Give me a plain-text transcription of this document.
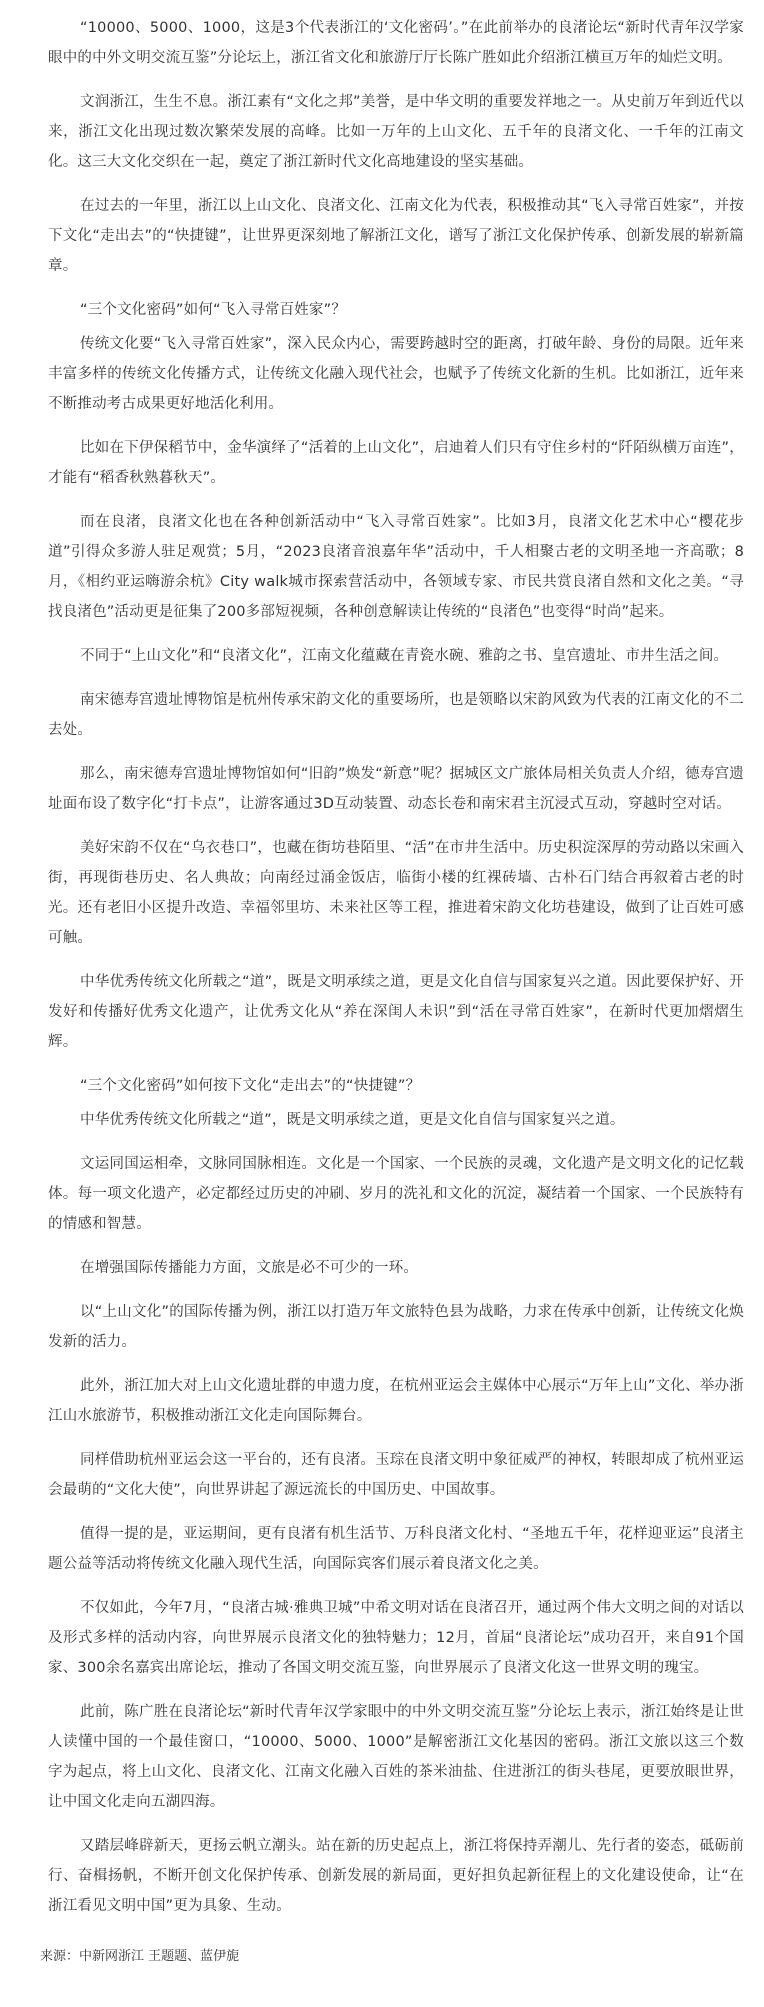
“10000、5000、1000，这是3个代表浙江的‘文化密码’。”在此前举办的良渚论坛“新时代青年汉学家眼中的中外文明交流互鉴”分论坛上，浙江省文化和旅游厅厅长陈广胜如此介绍浙江横亘万年的灿烂文明。

文润浙江，生生不息。浙江素有“文化之邦”美誉，是中华文明的重要发祥地之一。从史前万年到近代以来，浙江文化出现过数次繁荣发展的高峰。比如一万年的上山文化、五千年的良渚文化、一千年的江南文化。这三大文化交织在一起，奠定了浙江新时代文化高地建设的坚实基础。

在过去的一年里，浙江以上山文化、良渚文化、江南文化为代表，积极推动其“飞入寻常百姓家”，并按下文化“走出去”的“快捷键”，让世界更深刻地了解浙江文化，谱写了浙江文化保护传承、创新发展的崭新篇章。

“三个文化密码”如何“飞入寻常百姓家”？

传统文化要“飞入寻常百姓家”，深入民众内心，需要跨越时空的距离，打破年龄、身份的局限。近年来丰富多样的传统文化传播方式，让传统文化融入现代社会，也赋予了传统文化新的生机。比如浙江，近年来不断推动考古成果更好地活化利用。

比如在下伊保稻节中，金华演绎了“活着的上山文化”，启迪着人们只有守住乡村的“阡陌纵横万亩连”，才能有“稻香秋熟暮秋天”。

而在良渚，良渚文化也在各种创新活动中“飞入寻常百姓家”。比如3月，良渚文化艺术中心“樱花步道”引得众多游人驻足观赏；5月，“2023良渚音浪嘉年华”活动中，千人相聚古老的文明圣地一齐高歌；8月，《相约亚运嗨游余杭》City walk城市探索营活动中，各领域专家、市民共赏良渚自然和文化之美。“寻找良渚色”活动更是征集了200多部短视频，各种创意解读让传统的“良渚色”也变得“时尚”起来。

不同于“上山文化”和“良渚文化”，江南文化蕴藏在青瓷水碗、雅韵之书、皇宫遗址、市井生活之间。

南宋德寿宫遗址博物馆是杭州传承宋韵文化的重要场所，也是领略以宋韵风致为代表的江南文化的不二去处。

那么，南宋德寿宫遗址博物馆如何“旧韵”焕发“新意”呢？据城区文广旅体局相关负责人介绍，德寿宫遗址面布设了数字化“打卡点”，让游客通过3D互动装置、动态长卷和南宋君主沉浸式互动，穿越时空对话。

美好宋韵不仅在“乌衣巷口”，也藏在街坊巷陌里、“活”在市井生活中。历史积淀深厚的劳动路以宋画入街，再现街巷历史、名人典故；向南经过涌金饭店，临街小楼的红裸砖墙、古朴石门结合再叙着古老的时光。还有老旧小区提升改造、幸福邻里坊、未来社区等工程，推进着宋韵文化坊巷建设，做到了让百姓可感可触。

中华优秀传统文化所载之“道”，既是文明承续之道，更是文化自信与国家复兴之道。因此要保护好、开发好和传播好优秀文化遗产，让优秀文化从“养在深闺人未识”到“活在寻常百姓家”，在新时代更加熠熠生辉。

“三个文化密码”如何按下文化“走出去”的“快捷键”？

中华优秀传统文化所载之“道”，既是文明承续之道，更是文化自信与国家复兴之道。

文运同国运相牵，文脉同国脉相连。文化是一个国家、一个民族的灵魂，文化遗产是文明文化的记忆载体。每一项文化遗产，必定都经过历史的冲刷、岁月的洗礼和文化的沉淀，凝结着一个国家、一个民族特有的情感和智慧。

在增强国际传播能力方面，文旅是必不可少的一环。

以“上山文化”的国际传播为例，浙江以打造万年文旅特色县为战略，力求在传承中创新，让传统文化焕发新的活力。

此外，浙江加大对上山文化遗址群的申遗力度，在杭州亚运会主媒体中心展示“万年上山”文化、举办浙江山水旅游节，积极推动浙江文化走向国际舞台。

同样借助杭州亚运会这一平台的，还有良渚。玉琮在良渚文明中象征威严的神权，转眼却成了杭州亚运会最萌的“文化大使”，向世界讲起了源远流长的中国历史、中国故事。

值得一提的是，亚运期间，更有良渚有机生活节、万科良渚文化村、“圣地五千年，花样迎亚运”良渚主题公益等活动将传统文化融入现代生活，向国际宾客们展示着良渚文化之美。

不仅如此，今年7月，“良渚古城·雅典卫城”中希文明对话在良渚召开，通过两个伟大文明之间的对话以及形式多样的活动内容，向世界展示良渚文化的独特魅力；12月，首届“良渚论坛”成功召开，来自91个国家、300余名嘉宾出席论坛，推动了各国文明交流互鉴，向世界展示了良渚文化这一世界文明的瑰宝。

此前，陈广胜在良渚论坛“新时代青年汉学家眼中的中外文明交流互鉴”分论坛上表示，浙江始终是让世人读懂中国的一个最佳窗口，“10000、5000、1000”是解密浙江文化基因的密码。浙江文旅以这三个数字为起点，将上山文化、良渚文化、江南文化融入百姓的茶米油盐、住进浙江的街头巷尾，更要放眼世界，让中国文化走向五湖四海。

又踏层峰辟新天，更扬云帆立潮头。站在新的历史起点上，浙江将保持弄潮儿、先行者的姿态，砥砺前行、奋楫扬帆，不断开创文化保护传承、创新发展的新局面，更好担负起新征程上的文化建设使命，让“在浙江看见文明中国”更为具象、生动。

来源：中新网浙江 王题题、蓝伊旎
